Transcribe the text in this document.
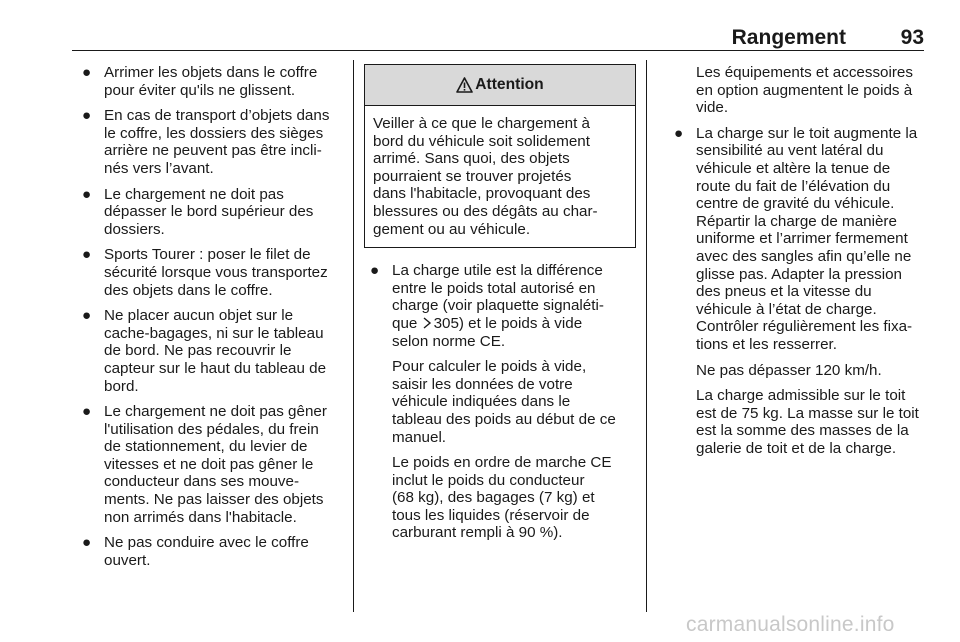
Rangement	93
● Arrimer les objets dans le coffre
pour éviter qu'ils ne glissent.
● En cas de transport d’objets dans
le coffre, les dossiers des sièges
arrière ne peuvent pas être incli‐
nés vers l’avant.
● Le chargement ne doit pas
dépasser le bord supérieur des
dossiers.
● Sports Tourer : poser le filet de
sécurité lorsque vous transportez
des objets dans le coffre.
● Ne placer aucun objet sur le
cache-bagages, ni sur le tableau
de bord. Ne pas recouvrir le
capteur sur le haut du tableau de
bord.
● Le chargement ne doit pas gêner
l'utilisation des pédales, du frein
de stationnement, du levier de
vitesses et ne doit pas gêner le
conducteur dans ses mouve‐
ments. Ne pas laisser des objets
non arrimés dans l'habitacle.
● Ne pas conduire avec le coffre
ouvert.
Attention
Veiller à ce que le chargement à
bord du véhicule soit solidement
arrimé. Sans quoi, des objets
pourraient se trouver projetés
dans l'habitacle, provoquant des
blessures ou des dégâts au char‐
gement ou au véhicule.
● La charge utile est la différence
entre le poids total autorisé en
charge (voir plaquette signaléti‐
que 305) et le poids à vide
selon norme CE.
Pour calculer le poids à vide,
saisir les données de votre
véhicule indiquées dans le
tableau des poids au début de ce
manuel.
Le poids en ordre de marche CE
inclut le poids du conducteur
(68 kg), des bagages (7 kg) et
tous les liquides (réservoir de
carburant rempli à 90 %).
Les équipements et accessoires
en option augmentent le poids à
vide.
● La charge sur le toit augmente la
sensibilité au vent latéral du
véhicule et altère la tenue de
route du fait de l’élévation du
centre de gravité du véhicule.
Répartir la charge de manière
uniforme et l’arrimer fermement
avec des sangles afin qu’elle ne
glisse pas. Adapter la pression
des pneus et la vitesse du
véhicule à l’état de charge.
Contrôler régulièrement les fixa‐
tions et les resserrer.
Ne pas dépasser 120 km/h.
La charge admissible sur le toit
est de 75 kg. La masse sur le toit
est la somme des masses de la
galerie de toit et de la charge.
carmanualsonline.info
